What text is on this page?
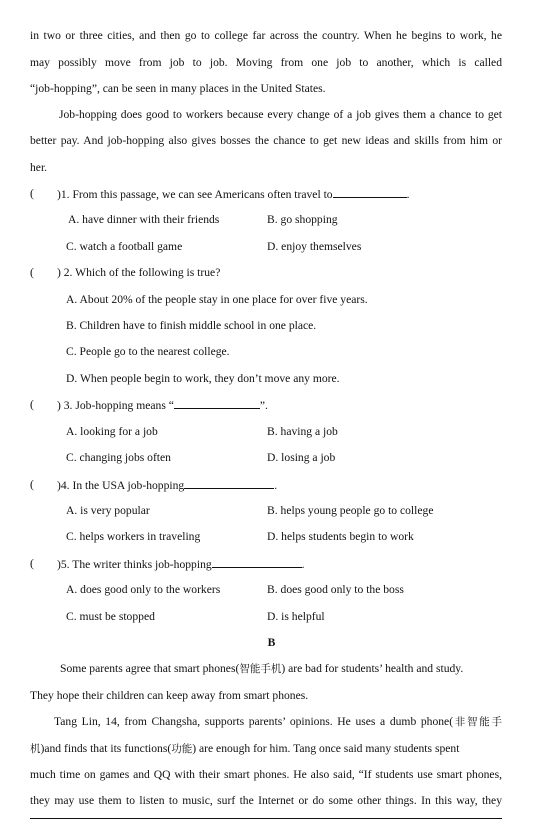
in two or three cities, and then go to college far across the country. When he begins to work, he
may possibly move from job to job. Moving from one job to another, which is called
“job-hopping”, can be seen in many places in the United States.
Job-hopping does good to workers because every change of a job gives them a chance to get
better pay. And job-hopping also gives bosses the chance to get new ideas and skills from him or
her.
( )1. From this passage, we can see Americans often travel to	.
A. have dinner with their friends	B. go shopping
C. watch a football game	D. enjoy themselves
( ) 2. Which of the following is true?
A. About 20% of the people stay in one place for over five years.
B. Children have to finish middle school in one place.
C. People go to the nearest college.
D. When people begin to work, they don’t move any more.
( ) 3. Job-hopping means “	”.
A. looking for a job	B. having a job
C. changing jobs often	D. losing a job
( )4. In the USA job-hopping	.
A. is very popular	B. helps young people go to college
C. helps workers in traveling	D. helps students begin to work
( )5. The writer thinks job-hopping	.
A. does good only to the workers	B. does good only to the boss
C. must be stopped	D. is helpful
B
Some parents agree that smart phones(智能手机) are bad for students’ health and study.
They hope their children can keep away from smart phones.
Tang Lin, 14, from Changsha, supports parents’ opinions. He uses a dumb phone(非智能手
机)and finds that its functions(功能) are enough for him. Tang once said many students spent
much time on games and QQ with their smart phones. He also said, “If students use smart phones,
they may use them to listen to music, surf the Internet or do some other things. In this way, they
